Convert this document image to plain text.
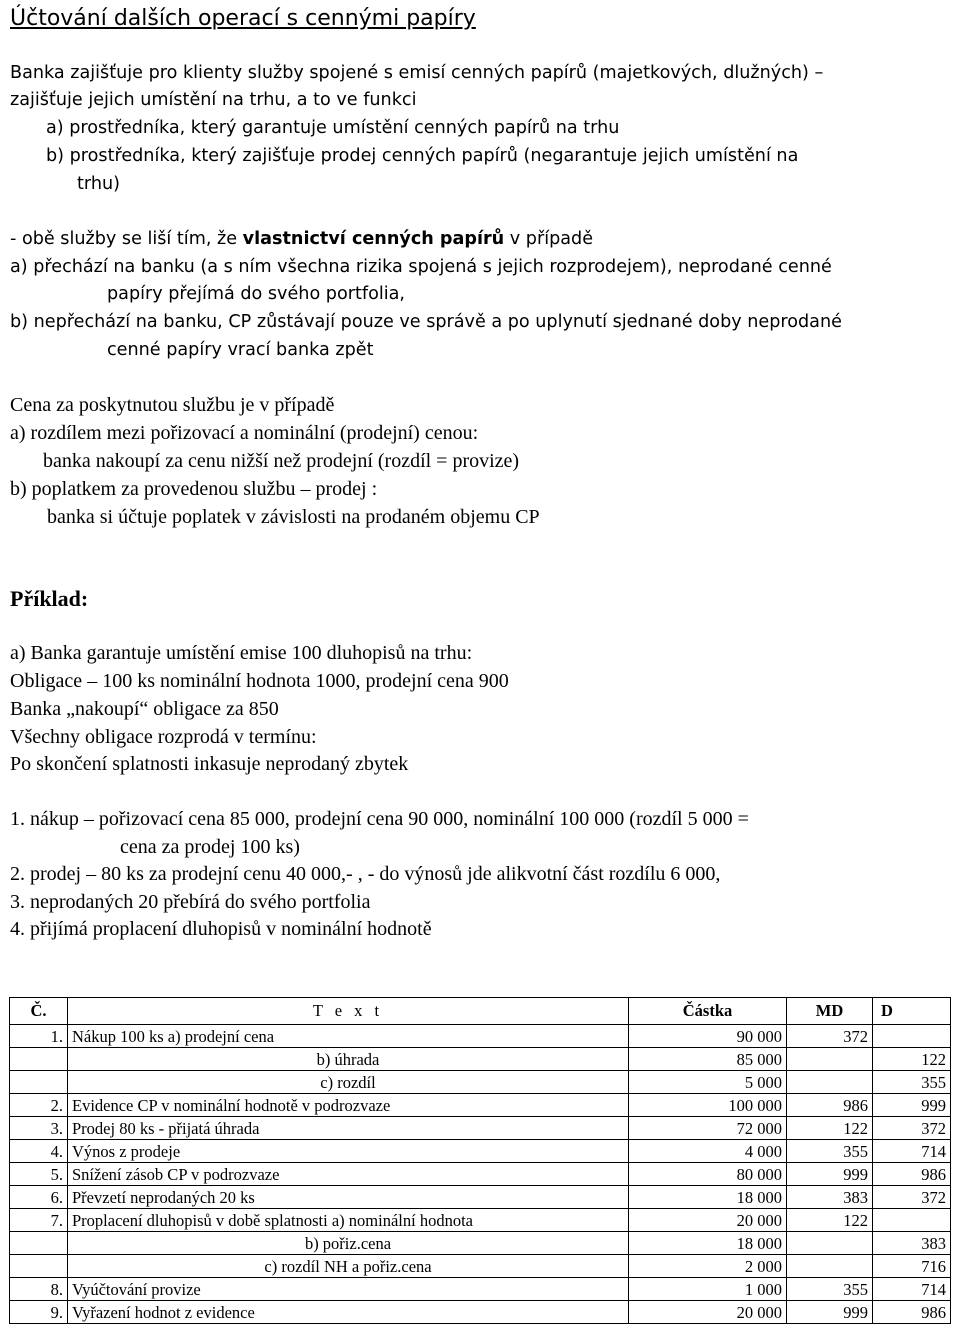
Účtování dalších operací s cennými papíry
Banka zajišťuje pro klienty služby spojené s emisí cenných papírů (majetkových, dlužných) –
zajišťuje jejich umístění na trhu, a to ve funkci
a) prostředníka, který garantuje umístění cenných papírů na trhu
b) prostředníka, který zajišťuje prodej cenných papírů (negarantuje jejich umístění na
trhu)
- obě služby se liší tím, že vlastnictví cenných papírů v případě
a) přechází na banku (a s ním všechna rizika spojená s jejich rozprodejem), neprodané cenné
papíry přejímá do svého portfolia,
b) nepřechází na banku, CP zůstávají pouze ve správě a po uplynutí sjednané doby neprodané
cenné papíry vrací banka zpět
Cena za poskytnutou službu je v případě
a) rozdílem mezi pořizovací a nominální (prodejní) cenou:
banka nakoupí za cenu nižší než prodejní (rozdíl = provize)
b) poplatkem za provedenou službu – prodej :
banka si účtuje poplatek v závislosti na prodaném objemu CP
Příklad:
a) Banka garantuje umístění emise 100 dluhopisů na trhu:
Obligace – 100 ks nominální hodnota 1000, prodejní cena 900
Banka „nakoupí“ obligace za 850
Všechny obligace rozprodá v termínu:
Po skončení splatnosti inkasuje neprodaný zbytek
1. nákup – pořizovací cena 85 000, prodejní cena 90 000, nominální 100 000 (rozdíl 5 000 =
cena za prodej 100 ks)
2. prodej – 80 ks za prodejní cenu 40 000,- , - do výnosů jde alikvotní část rozdílu 6 000,
3. neprodaných 20 přebírá do svého portfolia
4. přijímá proplacení dluhopisů v nominální hodnotě
Č.	T e x t	Částka	MD	D
1.	Nákup 100 ks a) prodejní cena	90 000	372	
	b) úhrada	85 000		122
	c) rozdíl	5 000		355
2.	Evidence CP v nominální hodnotě v podrozvaze	100 000	986	999
3.	Prodej 80 ks - přijatá úhrada	72 000	122	372
4.	Výnos z prodeje	4 000	355	714
5.	Snížení zásob CP v podrozvaze	80 000	999	986
6.	Převzetí neprodaných 20 ks	18 000	383	372
7.	Proplacení dluhopisů v době splatnosti a) nominální hodnota	20 000	122	
	b) pořiz.cena	18 000		383
	c) rozdíl NH a pořiz.cena	2 000		716
8.	Vyúčtování provize	1 000	355	714
9.	Vyřazení hodnot z evidence	20 000	999	986
